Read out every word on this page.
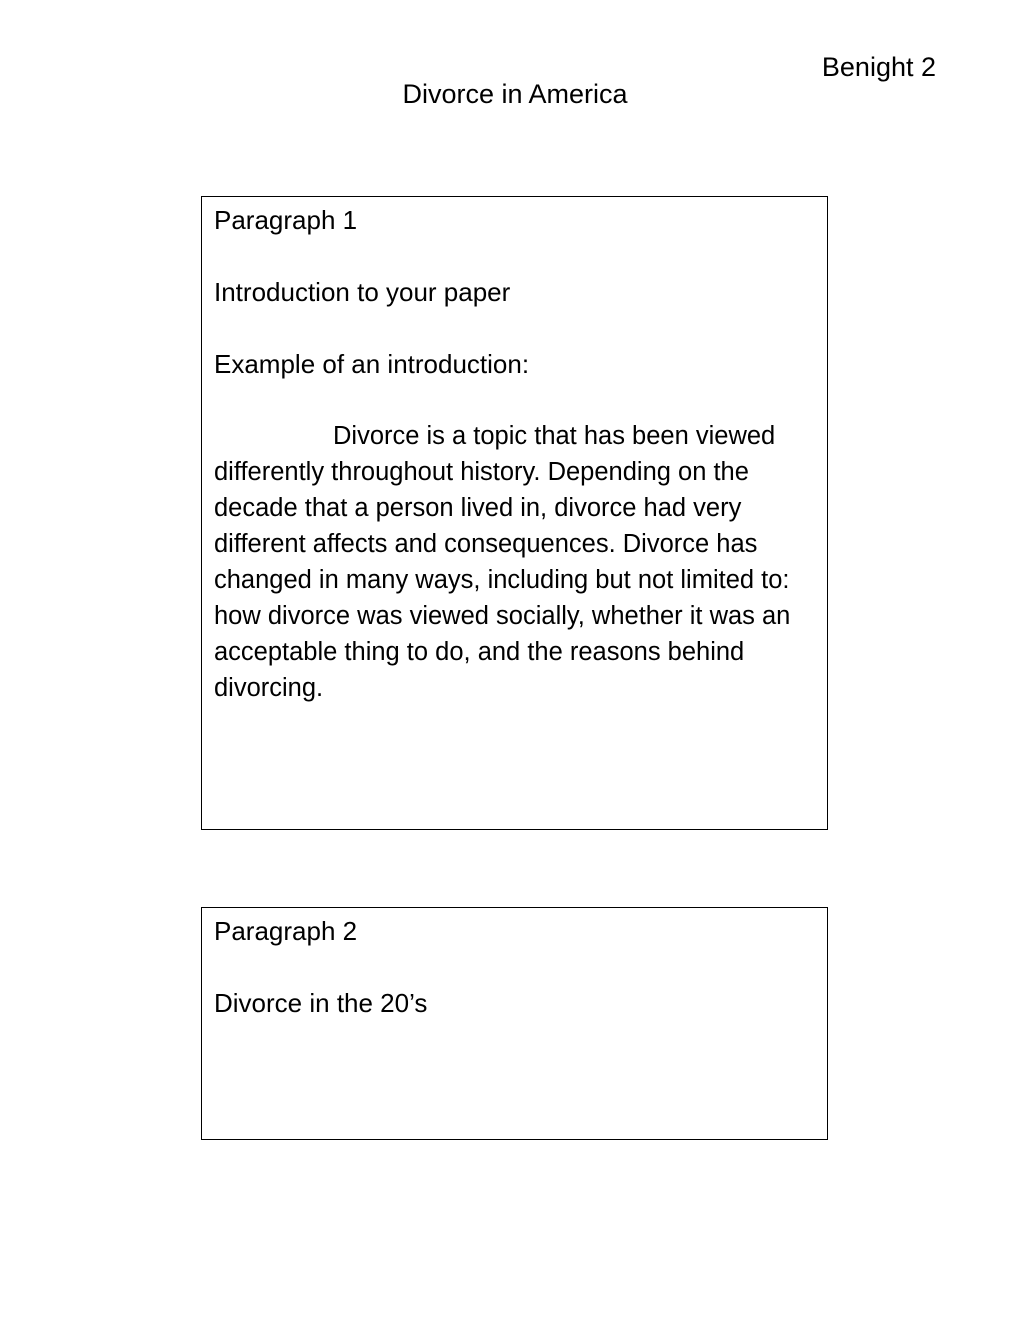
Benight 2
Divorce in America

Paragraph 1

Introduction to your paper

Example of an introduction:

Divorce is a topic that has been viewed differently throughout history. Depending on the decade that a person lived in, divorce had very different affects and consequences. Divorce has changed in many ways, including but not limited to: how divorce was viewed socially, whether it was an acceptable thing to do, and the reasons behind divorcing.

Paragraph 2

Divorce in the 20’s
